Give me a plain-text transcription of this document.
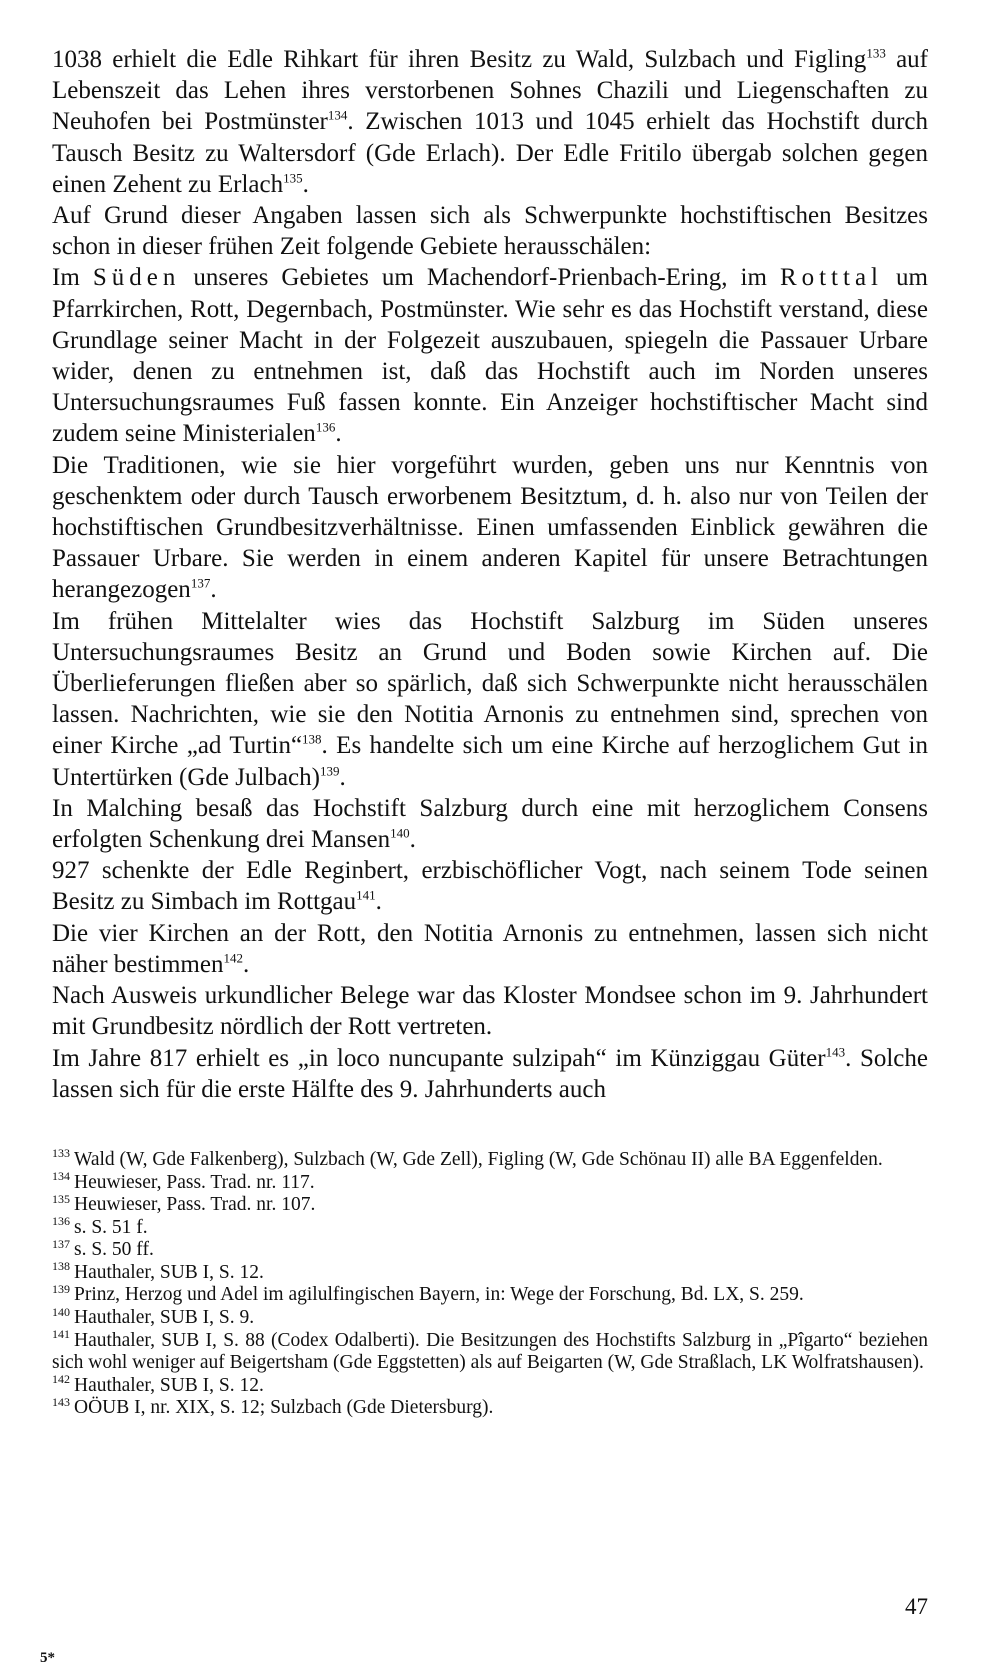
1038 erhielt die Edle Rihkart für ihren Besitz zu Wald, Sulzbach und Figling$^{133}$ auf Lebenszeit das Lehen ihres verstorbenen Sohnes Chazili und Liegenschaften zu Neuhofen bei Postmünster$^{134}$. Zwischen 1013 und 1045 erhielt das Hochstift durch Tausch Besitz zu Waltersdorf (Gde Erlach). Der Edle Fritilo übergab solchen gegen einen Zehent zu Erlach$^{135}$.

Auf Grund dieser Angaben lassen sich als Schwerpunkte hochstiftischen Besitzes schon in dieser frühen Zeit folgende Gebiete herausschälen:

Im Süden unseres Gebietes um Machendorf-Prienbach-Ering, im Rotttal um Pfarrkirchen, Rott, Degernbach, Postmünster. Wie sehr es das Hochstift verstand, diese Grundlage seiner Macht in der Folgezeit auszubauen, spiegeln die Passauer Urbare wider, denen zu entnehmen ist, daß das Hochstift auch im Norden unseres Untersuchungsraumes Fuß fassen konnte. Ein Anzeiger hochstiftischer Macht sind zudem seine Ministerialen$^{136}$.

Die Traditionen, wie sie hier vorgeführt wurden, geben uns nur Kenntnis von geschenktem oder durch Tausch erworbenem Besitztum, d. h. also nur von Teilen der hochstiftischen Grundbesitzverhältnisse. Einen umfassenden Einblick gewähren die Passauer Urbare. Sie werden in einem anderen Kapitel für unsere Betrachtungen herangezogen$^{137}$.

Im frühen Mittelalter wies das Hochstift Salzburg im Süden unseres Untersuchungsraumes Besitz an Grund und Boden sowie Kirchen auf. Die Überlieferungen fließen aber so spärlich, daß sich Schwerpunkte nicht herausschälen lassen. Nachrichten, wie sie den Notitia Arnonis zu entnehmen sind, sprechen von einer Kirche „ad Turtin“$^{138}$. Es handelte sich um eine Kirche auf herzoglichem Gut in Untertürken (Gde Julbach)$^{139}$.

In Malching besaß das Hochstift Salzburg durch eine mit herzoglichem Consens erfolgten Schenkung drei Mansen$^{140}$.

927 schenkte der Edle Reginbert, erzbischöflicher Vogt, nach seinem Tode seinen Besitz zu Simbach im Rottgau$^{141}$.

Die vier Kirchen an der Rott, den Notitia Arnonis zu entnehmen, lassen sich nicht näher bestimmen$^{142}$.

Nach Ausweis urkundlicher Belege war das Kloster Mondsee schon im 9. Jahrhundert mit Grundbesitz nördlich der Rott vertreten.

Im Jahre 817 erhielt es „in loco nuncupante sulzipah“ im Künziggau Güter$^{143}$. Solche lassen sich für die erste Hälfte des 9. Jahrhunderts auch

$^{133}$ Wald (W, Gde Falkenberg), Sulzbach (W, Gde Zell), Figling (W, Gde Schönau II) alle BA Eggenfelden.

$^{134}$ Heuwieser, Pass. Trad. nr. 117.

$^{135}$ Heuwieser, Pass. Trad. nr. 107.

$^{136}$ s. S. 51 f.

$^{137}$ s. S. 50 ff.

$^{138}$ Hauthaler, SUB I, S. 12.

$^{139}$ Prinz, Herzog und Adel im agilulfingischen Bayern, in: Wege der Forschung, Bd. LX, S. 259.

$^{140}$ Hauthaler, SUB I, S. 9.

$^{141}$ Hauthaler, SUB I, S. 88 (Codex Odalberti). Die Besitzungen des Hochstifts Salzburg in „Pîgarto“ beziehen sich wohl weniger auf Beigertsham (Gde Eggstetten) als auf Beigarten (W, Gde Straßlach, LK Wolfratshausen).

$^{142}$ Hauthaler, SUB I, S. 12.

$^{143}$ OÖUB I, nr. XIX, S. 12; Sulzbach (Gde Dietersburg).

47
5*
